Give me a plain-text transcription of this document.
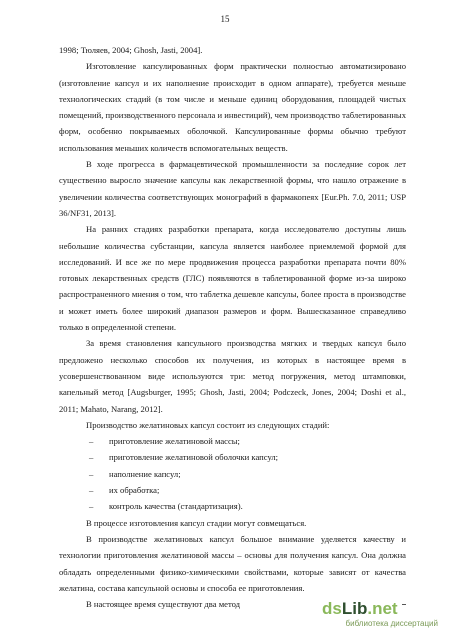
15

1998; Тюляев, 2004; Ghosh, Jasti, 2004].

Изготовление капсулированных форм практически полностью автоматизировано (изготовление капсул и их наполнение происходит в одном аппарате), требуется меньше технологических стадий (в том числе и меньше единиц оборудования, площадей чистых помещений, производственного персонала и инвестиций), чем производство таблетированных форм, особенно покрываемых оболочкой. Капсулированные формы обычно требуют использования меньших количеств вспомогательных веществ.

В ходе прогресса в фармацевтической промышленности за последние сорок лет существенно выросло значение капсулы как лекарственной формы, что нашло отражение в увеличении количества соответствующих монографий в фармакопеях [Eur.Ph. 7.0, 2011; USP 36/NF31, 2013].

На ранних стадиях разработки препарата, когда исследователю доступны лишь небольшие количества субстанции, капсула является наиболее приемлемой формой для исследований. И все же по мере продвижения процесса разработки препарата почти 80% готовых лекарственных средств (ГЛС) появляются в таблетированной форме из-за широко распространенного мнения о том, что таблетка дешевле капсулы, более проста в производстве и может иметь более широкий диапазон размеров и форм. Вышесказанное справедливо только в определенной степени.

За время становления капсульного производства мягких и твердых капсул было предложено несколько способов их получения, из которых в настоящее время в усовершенствованном виде используются три: метод погружения, метод штамповки, капельный метод [Augsburger, 1995; Ghosh, Jasti, 2004; Podczeck, Jones, 2004; Doshi et al., 2011; Mahato, Narang, 2012].

Производство желатиновых капсул состоит из следующих стадий:

– приготовление желатиновой массы;
– приготовление желатиновой оболочки капсул;
– наполнение капсул;
– их обработка;
– контроль качества (стандартизация).

В процессе изготовления капсул стадии могут совмещаться.

В производстве желатиновых капсул большое внимание уделяется качеству и технологии приготовления желатиновой массы – основы для получения капсул. Она должна обладать определенными физико-химическими свойствами, которые зависят от качества желатина, состава капсульной основы и способа ее приготовления.

В настоящее время существуют два метод	dsLib.net
библиотека диссертаций
